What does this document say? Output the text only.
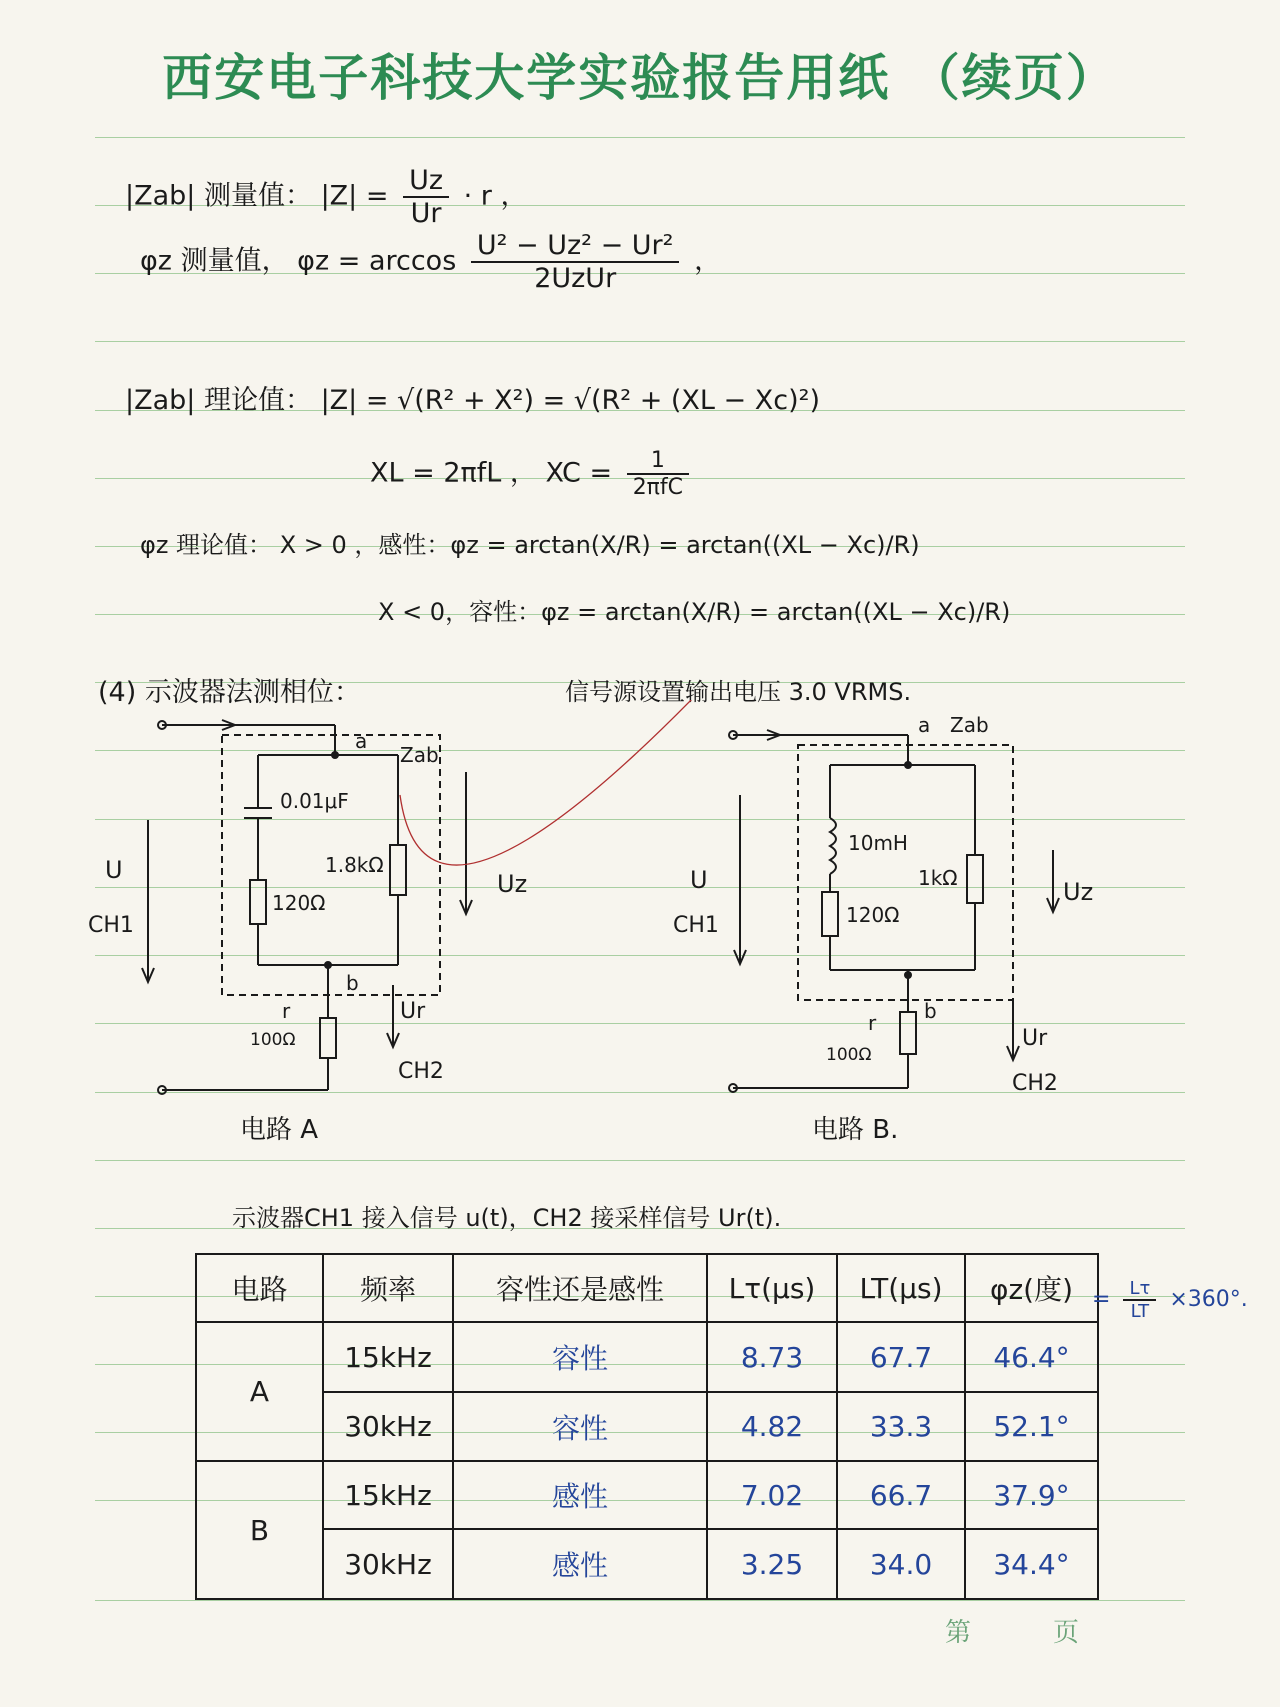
西安电子科技大学实验报告用纸 （续页）
|Zab| 测量值： $|Z| = \frac{Uz}{Ur} \cdot r$ ，
φz 测量值， $\varphi z = \arccos \frac{\text{U² − Uz² − Ur²}}{\text{2UzUr}}$ ，
|Zab| 理论值： |Z| = √(R² + X²) = √(R² + (XL − Xc)²)
XL = 2πfL ， XC = $\frac{1}{\text{2πfC}}$
φz 理论值： X > 0 ，感性：φz = arctan(X/R) = arctan((XL − Xc)/R)
X < 0，容性：φz = arctan(X/R) = arctan((XL − Xc)/R)
(4) 示波器法测相位：	信号源设置输出电压 3.0 VRMS.
a
Zab
0.01μF
1.8kΩ
120Ω
U
CH1
Uz
b
r
100Ω
Ur
CH2
电路 A
a Zab
10mH
1kΩ
120Ω
U
CH1
Uz
b
r
100Ω
Ur
CH2
电路 B.
示波器CH1 接入信号 u(t)，CH2 接采样信号 Ur(t).
电路	频率	容性还是感性	Lτ(μs)	LT(μs)	φz(度)
A	15kHz	容性	8.73	67.7	46.4°
	30kHz	容性	4.82	33.3	52.1°
B	15kHz	感性	7.02	66.7	37.9°
	30kHz	感性	3.25	34.0	34.4°
= $\frac{L\tau}{LT} \times 360^\circ$.
第	页
